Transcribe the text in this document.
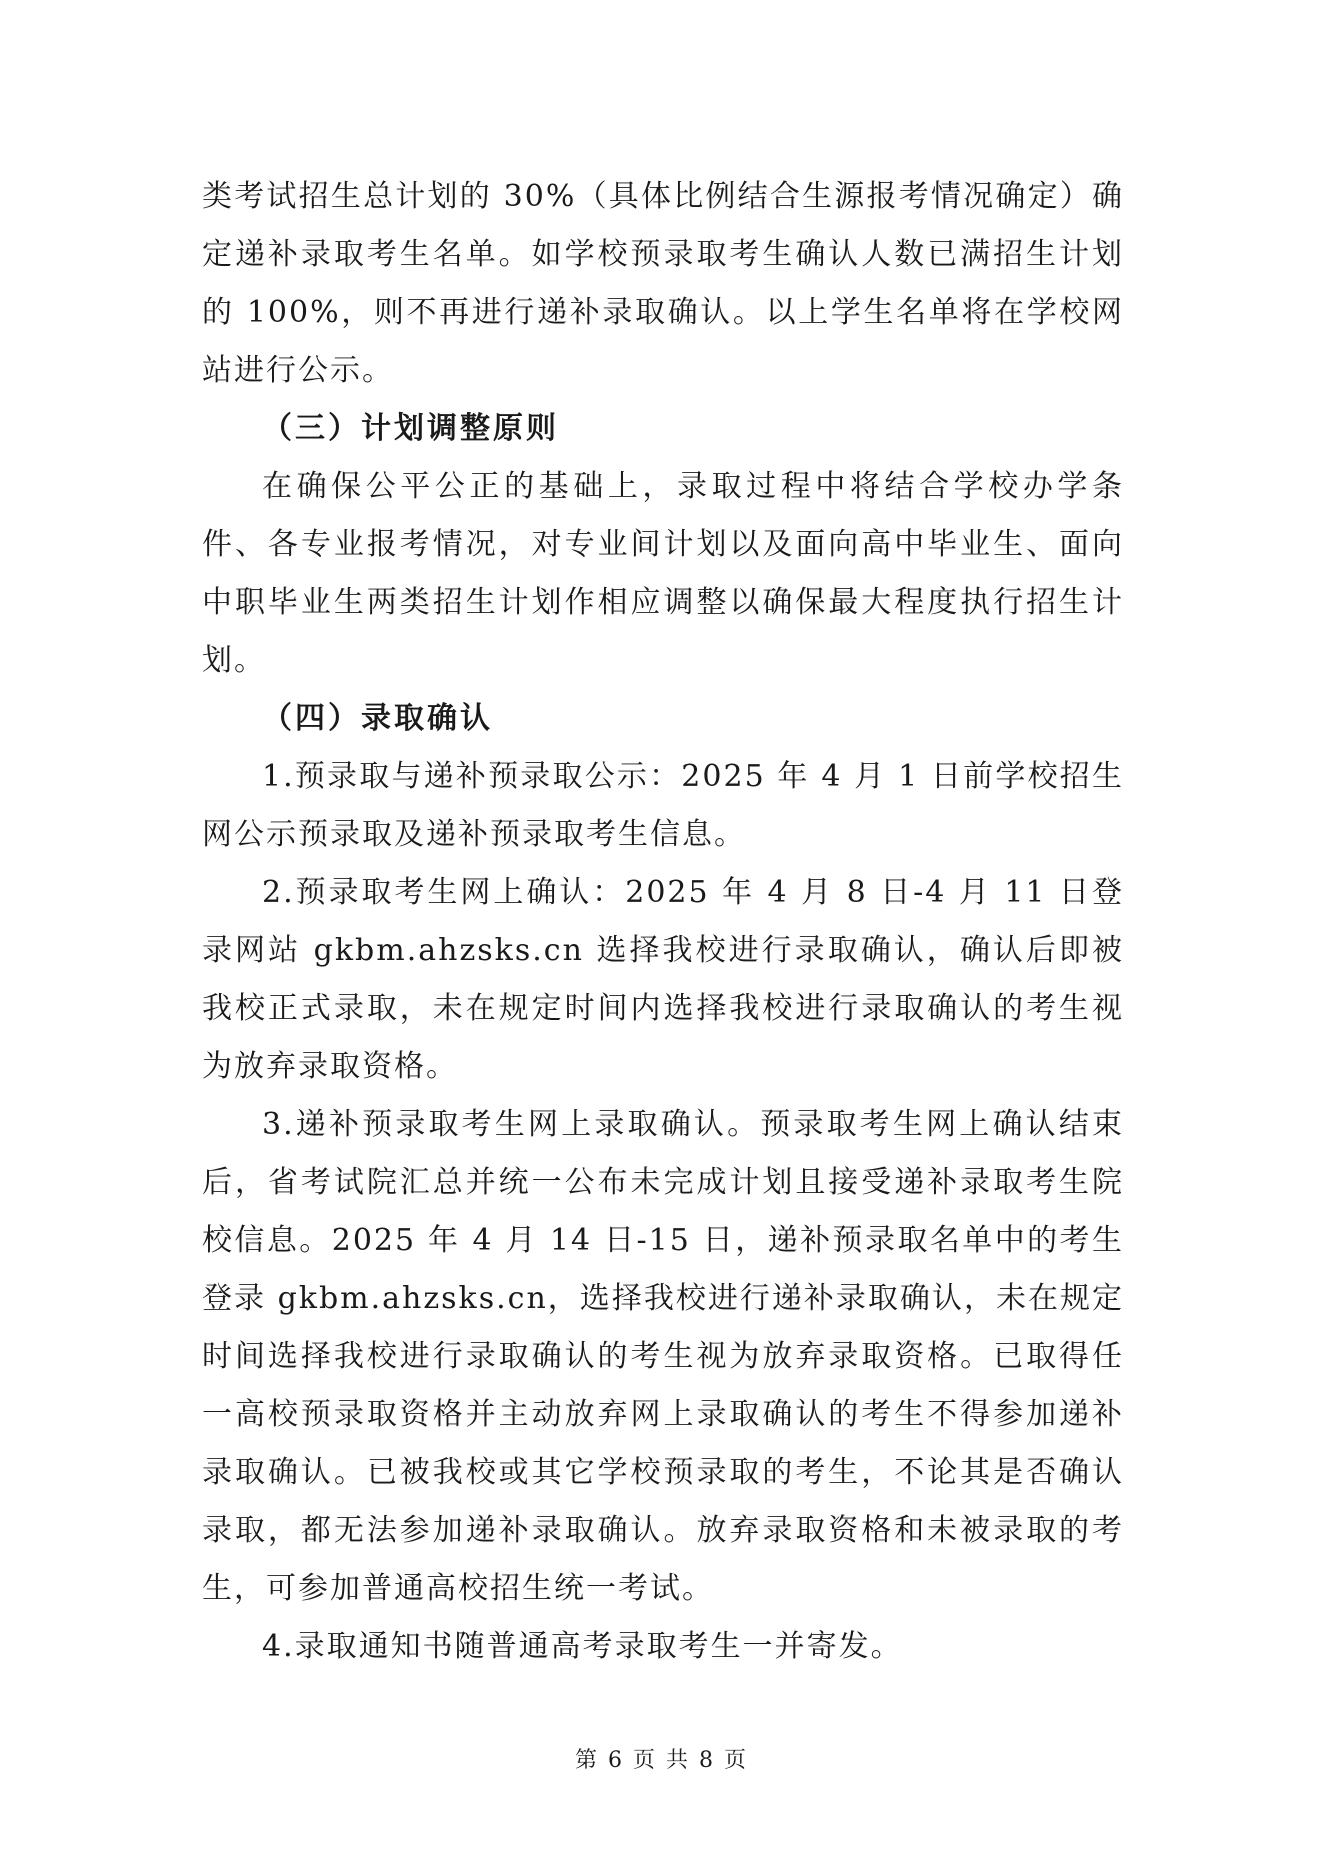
类考试招生总计划的 30%（具体比例结合生源报考情况确定）确定递补录取考生名单。如学校预录取考生确认人数已满招生计划的 100%，则不再进行递补录取确认。以上学生名单将在学校网站进行公示。

（三）计划调整原则

在确保公平公正的基础上，录取过程中将结合学校办学条件、各专业报考情况，对专业间计划以及面向高中毕业生、面向中职毕业生两类招生计划作相应调整以确保最大程度执行招生计划。

（四）录取确认

1.预录取与递补预录取公示：2025 年 4 月 1 日前学校招生网公示预录取及递补预录取考生信息。

2.预录取考生网上确认：2025 年 4 月 8 日-4 月 11 日登录网站 gkbm.ahzsks.cn 选择我校进行录取确认，确认后即被我校正式录取，未在规定时间内选择我校进行录取确认的考生视为放弃录取资格。

3.递补预录取考生网上录取确认。预录取考生网上确认结束后，省考试院汇总并统一公布未完成计划且接受递补录取考生院校信息。2025 年 4 月 14 日-15 日，递补预录取名单中的考生登录 gkbm.ahzsks.cn，选择我校进行递补录取确认，未在规定时间选择我校进行录取确认的考生视为放弃录取资格。已取得任一高校预录取资格并主动放弃网上录取确认的考生不得参加递补录取确认。已被我校或其它学校预录取的考生，不论其是否确认录取，都无法参加递补录取确认。放弃录取资格和未被录取的考生，可参加普通高校招生统一考试。

4.录取通知书随普通高考录取考生一并寄发。

第 6 页 共 8 页
